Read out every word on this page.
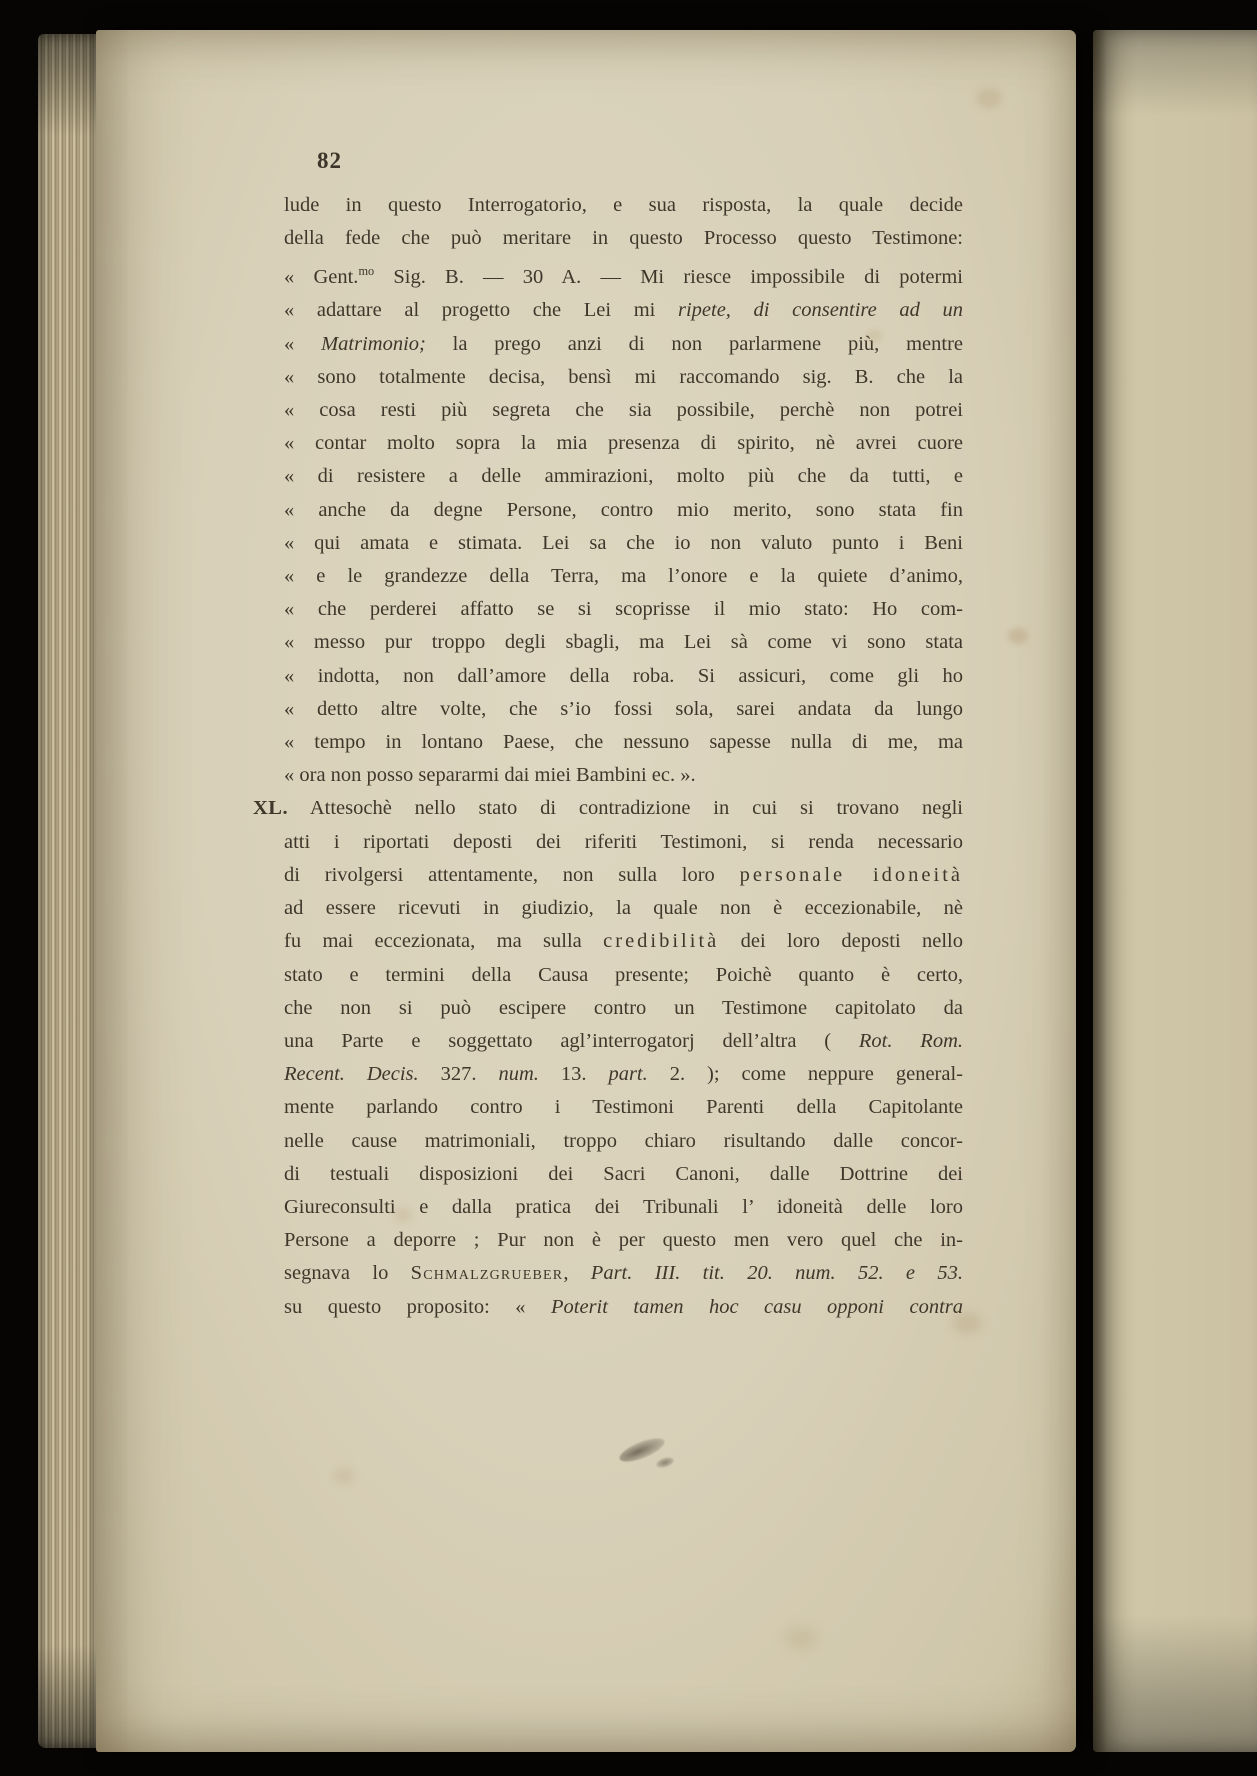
82
lude in questo Interrogatorio, e sua risposta, la quale decide
della fede che può meritare in questo Processo questo Testimone:
« Gent.$^{mo}$ Sig. B. — 30 A. — Mi riesce impossibile di potermi
« adattare al progetto che Lei mi ripete, di consentire ad un
« Matrimonio; la prego anzi di non parlarmene più, mentre
« sono totalmente decisa, bensì mi raccomando sig. B. che la
« cosa resti più segreta che sia possibile, perchè non potrei
« contar molto sopra la mia presenza di spirito, nè avrei cuore
« di resistere a delle ammirazioni, molto più che da tutti, e
« anche da degne Persone, contro mio merito, sono stata fin
« qui amata e stimata. Lei sa che io non valuto punto i Beni
« e le grandezze della Terra, ma l’onore e la quiete d’animo,
« che perderei affatto se si scoprisse il mio stato: Ho com-
« messo pur troppo degli sbagli, ma Lei sà come vi sono stata
« indotta, non dall’amore della roba. Si assicuri, come gli ho
« detto altre volte, che s’io fossi sola, sarei andata da lungo
« tempo in lontano Paese, che nessuno sapesse nulla di me, ma
« ora non posso separarmi dai miei Bambini ec. ».
XL. Attesochè nello stato di contradizione in cui si trovano negli
atti i riportati deposti dei riferiti Testimoni, si renda necessario
di rivolgersi attentamente, non sulla loro personale idoneità
ad essere ricevuti in giudizio, la quale non è eccezionabile, nè
fu mai eccezionata, ma sulla credibilità dei loro deposti nello
stato e termini della Causa presente; Poichè quanto è certo,
che non si può escipere contro un Testimone capitolato da
una Parte e soggettato agl’interrogatorj dell’altra ( Rot. Rom.
Recent. Decis. 327. num. 13. part. 2. ); come neppure general-
mente parlando contro i Testimoni Parenti della Capitolante
nelle cause matrimoniali, troppo chiaro risultando dalle concor-
di testuali disposizioni dei Sacri Canoni, dalle Dottrine dei
Giureconsulti e dalla pratica dei Tribunali l’ idoneità delle loro
Persone a deporre ; Pur non è per questo men vero quel che in-
segnava lo Schmalzgrueber, Part. III. tit. 20. num. 52. e 53.
su questo proposito: « Poterit tamen hoc casu opponi contra
